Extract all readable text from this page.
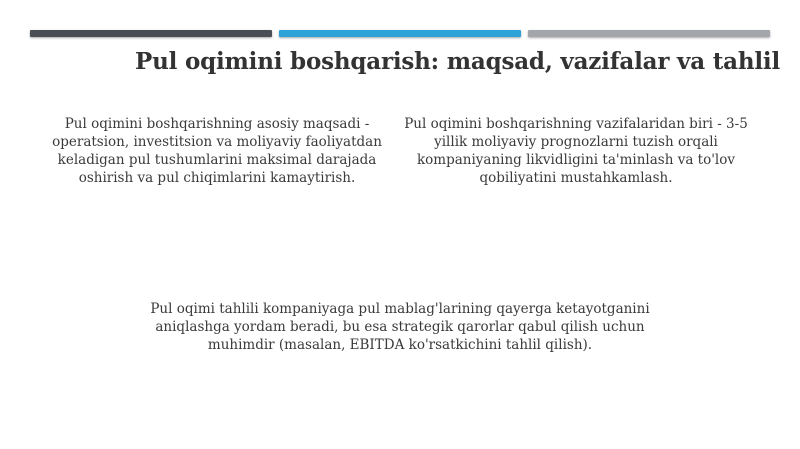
Pul oqimini boshqarish: maqsad, vazifalar va tahlil
Pul oqimini boshqarishning asosiy maqsadi - operatsion, investitsion va moliyaviy faoliyatdan keladigan pul tushumlarini maksimal darajada oshirish va pul chiqimlarini kamaytirish.
Pul oqimini boshqarishning vazifalaridan biri - 3-5 yillik moliyaviy prognozlarni tuzish orqali kompaniyaning likvidligini ta'minlash va to'lov qobiliyatini mustahkamlash.
Pul oqimi tahlili kompaniyaga pul mablag'larining qayerga ketayotganini aniqlashga yordam beradi, bu esa strategik qarorlar qabul qilish uchun muhimdir (masalan, EBITDA ko'rsatkichini tahlil qilish).
